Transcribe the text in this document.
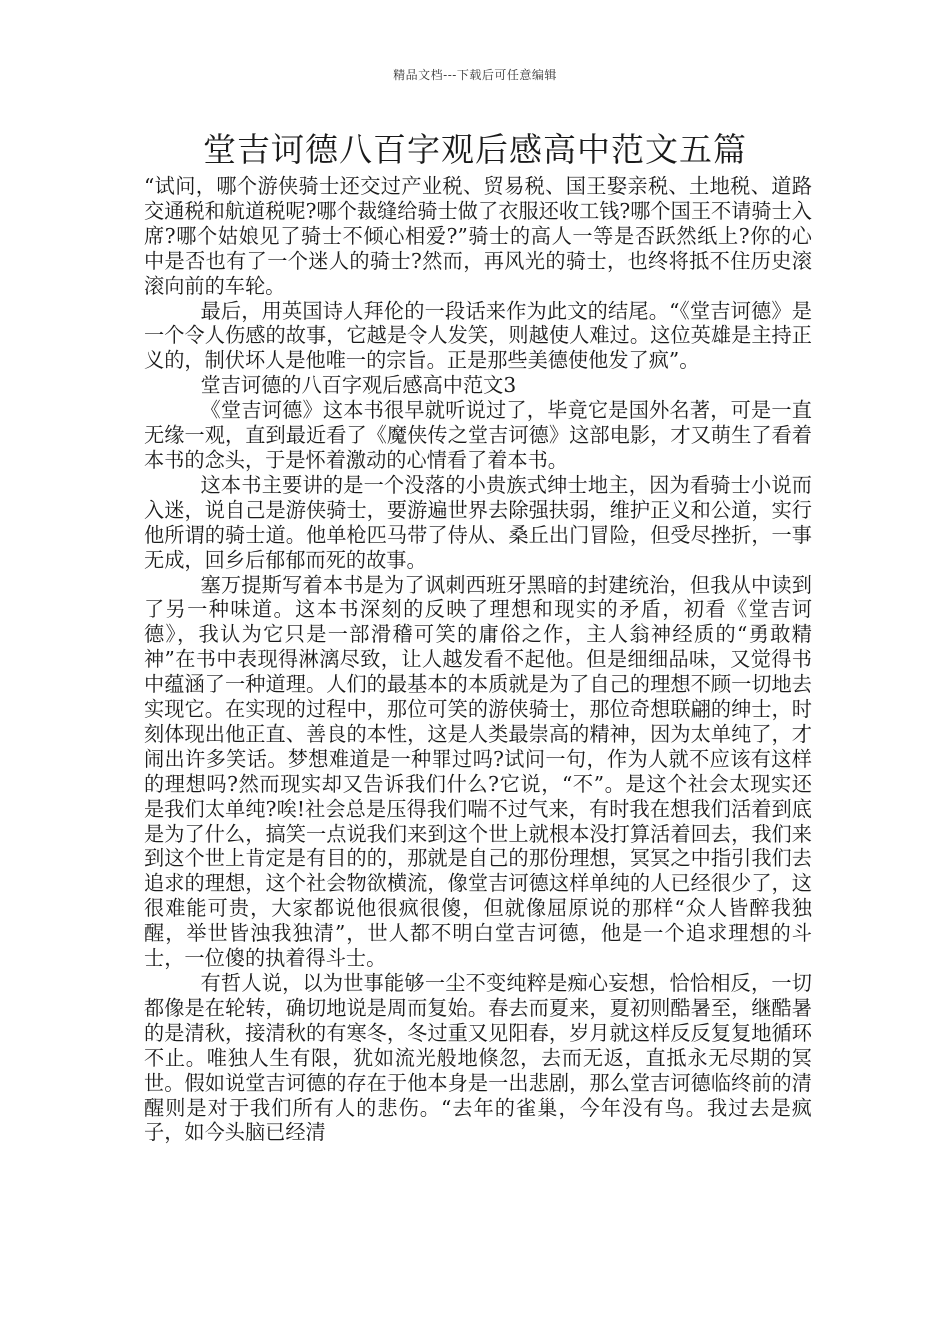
精品文档---下载后可任意编辑
堂吉诃德八百字观后感高中范文五篇

“试问，哪个游侠骑士还交过产业税、贸易税、国王娶亲税、土地税、道路交通税和航道税呢?哪个裁缝给骑士做了衣服还收工钱?哪个国王不请骑士入席?哪个姑娘见了骑士不倾心相爱?”骑士的高人一等是否跃然纸上?你的心中是否也有了一个迷人的骑士?然而，再风光的骑士，也终将抵不住历史滚滚向前的车轮。

最后，用英国诗人拜伦的一段话来作为此文的结尾。“《堂吉诃德》是一个令人伤感的故事，它越是令人发笑，则越使人难过。这位英雄是主持正义的，制伏坏人是他唯一的宗旨。正是那些美德使他发了疯”。

堂吉诃德的八百字观后感高中范文3

《堂吉诃德》这本书很早就听说过了，毕竟它是国外名著，可是一直无缘一观，直到最近看了《魔侠传之堂吉诃德》这部电影，才又萌生了看着本书的念头，于是怀着激动的心情看了着本书。

这本书主要讲的是一个没落的小贵族式绅士地主，因为看骑士小说而入迷，说自己是游侠骑士，要游遍世界去除强扶弱，维护正义和公道，实行他所谓的骑士道。他单枪匹马带了侍从、桑丘出门冒险，但受尽挫折，一事无成，回乡后郁郁而死的故事。

塞万提斯写着本书是为了讽刺西班牙黑暗的封建统治，但我从中读到了另一种味道。这本书深刻的反映了理想和现实的矛盾，初看《堂吉诃德》，我认为它只是一部滑稽可笑的庸俗之作，主人翁神经质的“勇敢精神”在书中表现得淋漓尽致，让人越发看不起他。但是细细品味，又觉得书中蕴涵了一种道理。人们的最基本的本质就是为了自己的理想不顾一切地去实现它。在实现的过程中，那位可笑的游侠骑士，那位奇想联翩的绅士，时刻体现出他正直、善良的本性，这是人类最崇高的精神，因为太单纯了，才闹出许多笑话。梦想难道是一种罪过吗?试问一句，作为人就不应该有这样的理想吗?然而现实却又告诉我们什么?它说，“不”。是这个社会太现实还是我们太单纯?唉!社会总是压得我们喘不过气来，有时我在想我们活着到底是为了什么，搞笑一点说我们来到这个世上就根本没打算活着回去，我们来到这个世上肯定是有目的的，那就是自己的那份理想，冥冥之中指引我们去追求的理想，这个社会物欲横流，像堂吉诃德这样单纯的人已经很少了，这很难能可贵，大家都说他很疯很傻，但就像屈原说的那样“众人皆醉我独醒，举世皆浊我独清”，世人都不明白堂吉诃德，他是一个追求理想的斗士，一位傻的执着得斗士。

有哲人说，以为世事能够一尘不变纯粹是痴心妄想，恰恰相反，一切都像是在轮转，确切地说是周而复始。春去而夏来，夏初则酷暑至，继酷暑的是清秋，接清秋的有寒冬，冬过重又见阳春，岁月就这样反反复复地循环不止。唯独人生有限，犹如流光般地倏忽，去而无返，直抵永无尽期的冥世。假如说堂吉诃德的存在于他本身是一出悲剧，那么堂吉诃德临终前的清醒则是对于我们所有人的悲伤。“去年的雀巢，今年没有鸟。我过去是疯子，如今头脑已经清
